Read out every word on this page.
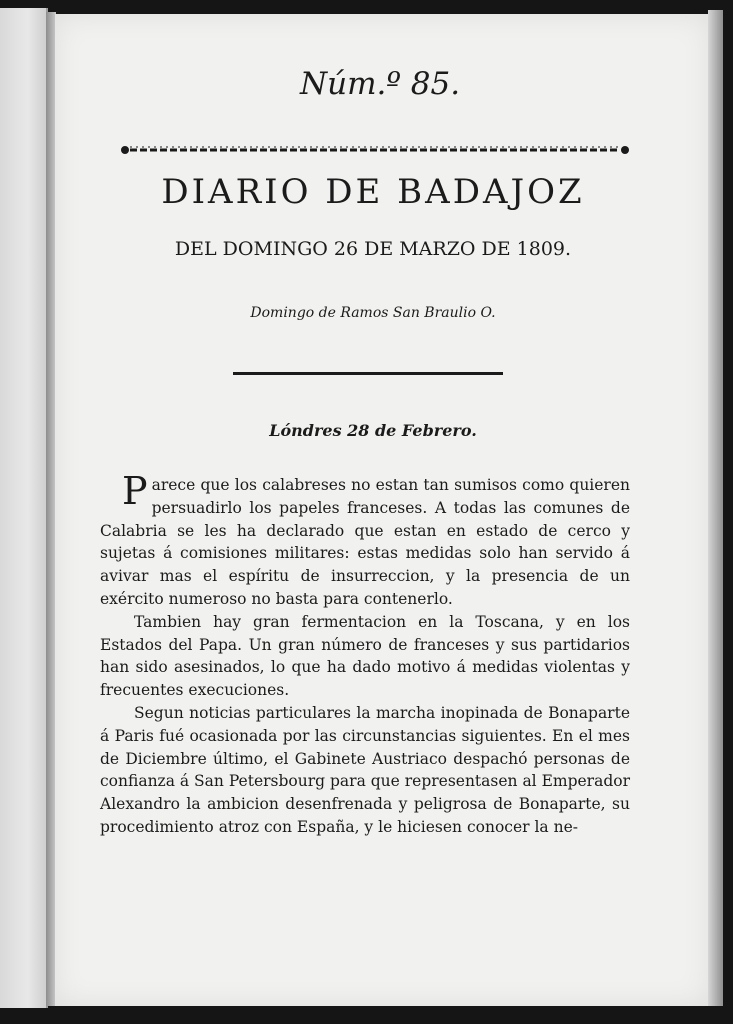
Núm.º 85.
DIARIO DE BADAJOZ
DEL DOMINGO 26 DE MARZO DE 1809.
Domingo de Ramos San Braulio O.
Lóndres 28 de Febrero.

Parece que los calabreses no estan tan sumisos como quieren persuadirlo los papeles franceses. A todas las comunes de Calabria se les ha declarado que estan en estado de cerco y sujetas á comisiones militares: estas medidas solo han servido á avivar mas el espíritu de insurreccion, y la presencia de un exército numeroso no basta para contenerlo.

Tambien hay gran fermentacion en la Toscana, y en los Estados del Papa. Un gran número de franceses y sus partidarios han sido asesinados, lo que ha dado motivo á medidas violentas y frecuentes execuciones.

Segun noticias particulares la marcha inopinada de Bonaparte á Paris fué ocasionada por las circunstancias siguientes. En el mes de Diciembre último, el Gabinete Austriaco despachó personas de confianza á San Petersbourg para que representasen al Emperador Alexandro la ambicion desenfrenada y peligrosa de Bonaparte, su procedimiento atroz con España, y le hiciesen conocer la ne-
